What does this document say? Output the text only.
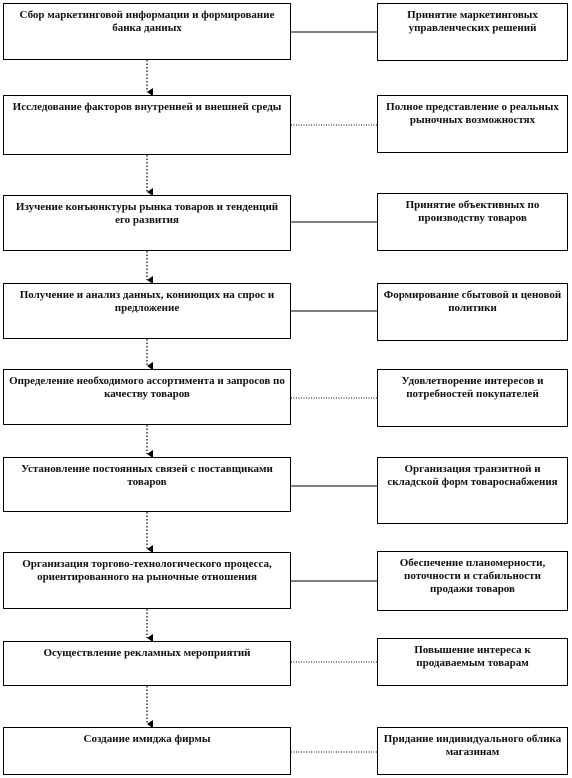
Сбор маркетинговой информации и формирование банка данных
Исследование факторов внутренней и внешней среды
Изучение конъюнктуры рынка товаров и тенденций его развития
Получение и анализ данных, кониющих на спрос и предложение
Определение необходимого ассортимента и запросов по качеству товаров
Установление постоянных связей с поставщиками товаров
Организация торгово-технологического процесса, ориентированного на рыночные отношения
Осуществление рекламных мероприятий
Создание имиджа фирмы
Принятие маркетинговых управленческих решений
Полное представление о реальных рыночных возможностях
Принятие объективных по производству товаров
Формирование сбытовой и ценовой политики
Удовлетворение интересов и потребностей покупателей
Организация транзитной и складской форм товароснабжения
Обеспечение планомерности, поточности и стабильности продажи товаров
Повышение интереса к продаваемым товарам
Придание индивидуального облика магазинам
